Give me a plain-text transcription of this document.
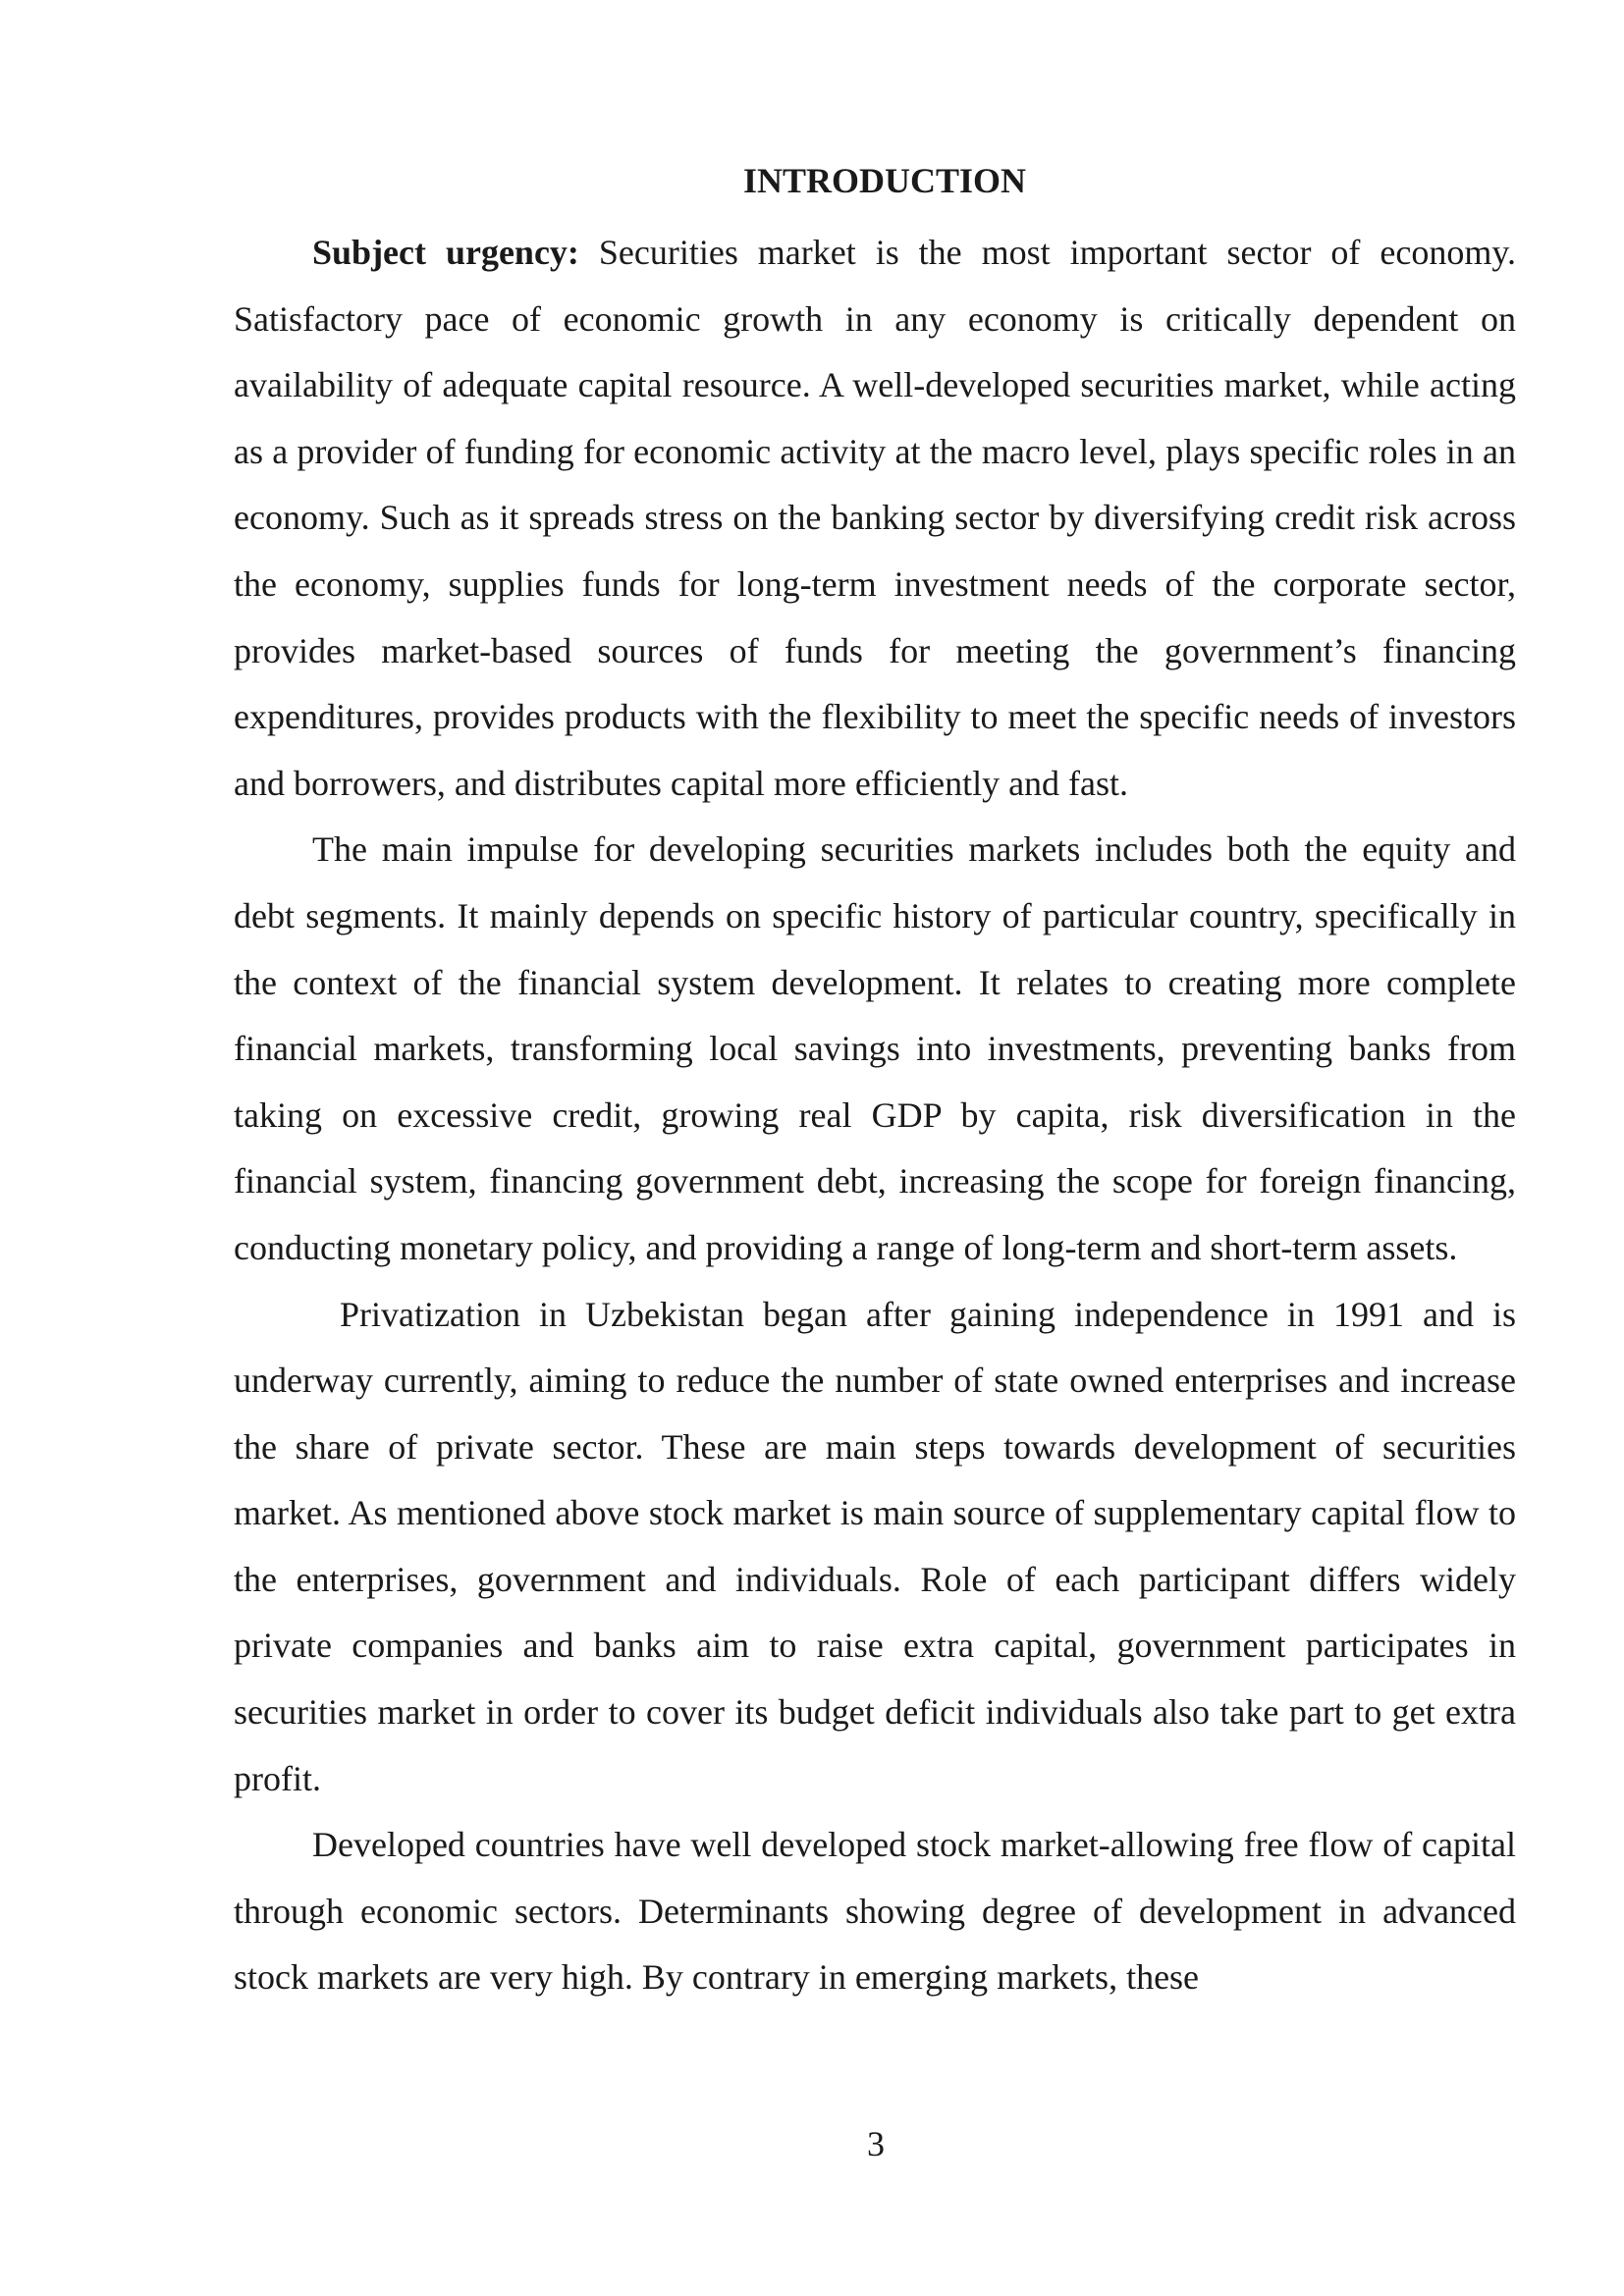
INTRODUCTION

Subject urgency: Securities market is the most important sector of economy. Satisfactory pace of economic growth in any economy is critically dependent on availability of adequate capital resource. A well-developed securities market, while acting as a provider of funding for economic activity at the macro level, plays specific roles in an economy. Such as it spreads stress on the banking sector by diversifying credit risk across the economy, supplies funds for long-term investment needs of the corporate sector, provides market-based sources of funds for meeting the government’s financing expenditures, provides products with the flexibility to meet the specific needs of investors and borrowers, and distributes capital more efficiently and fast.

The main impulse for developing securities markets includes both the equity and debt segments. It mainly depends on specific history of particular country, specifically in the context of the financial system development. It relates to creating more complete financial markets, transforming local savings into investments, preventing banks from taking on excessive credit, growing real GDP by capita, risk diversification in the financial system, financing government debt, increasing the scope for foreign financing, conducting monetary policy, and providing a range of long-term and short-term assets.

Privatization in Uzbekistan began after gaining independence in 1991 and is underway currently, aiming to reduce the number of state owned enterprises and increase the share of private sector. These are main steps towards development of securities market. As mentioned above stock market is main source of supplementary capital flow to the enterprises, government and individuals. Role of each participant differs widely private companies and banks aim to raise extra capital, government participates in securities market in order to cover its budget deficit individuals also take part to get extra profit.

Developed countries have well developed stock market-allowing free flow of capital through economic sectors. Determinants showing degree of development in advanced stock markets are very high. By contrary in emerging markets, these

3
